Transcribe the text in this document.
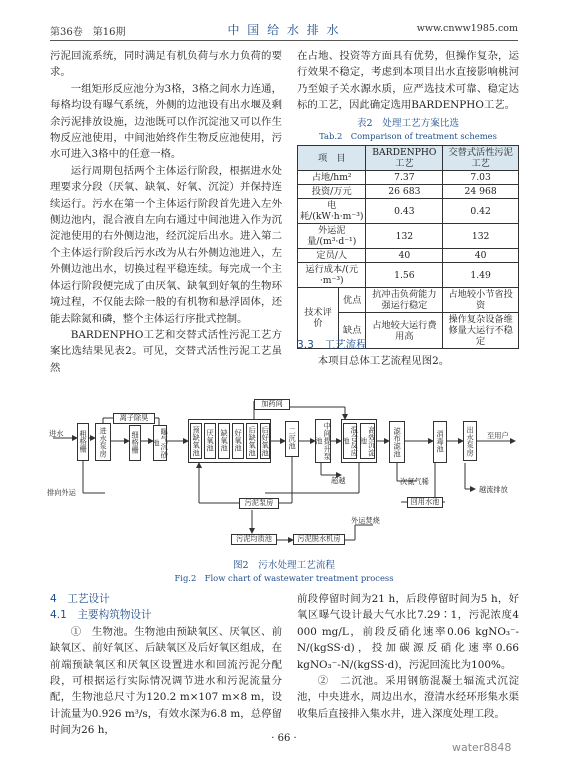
第36卷　第16期	中 国 给 水 排 水	www.cnww1985.com

污泥回流系统，同时满足有机负荷与水力负荷的要求。

一组矩形反应池分为3格，3格之间水力连通，每格均设有曝气系统，外侧的边池设有出水堰及剩余污泥排放设施，边池既可以作沉淀池又可以作生物反应池使用，中间池始终作生物反应池使用，污水可进入3格中的任意一格。

运行周期包括两个主体运行阶段，根据进水处理要求分段（厌氧、缺氧、好氧、沉淀）并保持连续运行。污水在第一个主体运行阶段首先进入左外侧边池内，混合液自左向右通过中间池进入作为沉淀池使用的右外侧边池，经沉淀后出水。进入第二个主体运行阶段后污水改为从右外侧边池进入，左外侧边池出水，切换过程平稳连续。每完成一个主体运行阶段便完成了由厌氧、缺氧到好氧的生物环境过程，不仅能去除一般的有机物和悬浮固体，还能去除氮和磷，整个主体运行序批式控制。

BARDENPHO工艺和交替式活性污泥工艺方案比选结果见表2。可见，交替式活性污泥工艺虽然

在占地、投资等方面具有优势，但操作复杂，运行效果不稳定，考虑到本项目出水直接影响桃河乃至娘子关水源水质，应严选技术可靠、稳定达标的工艺，因此确定选用BARDENPHO工艺。

表2　处理工艺方案比选
Tab.2　Comparison of treatment schemes
项　目		BARDENPHO工艺	交替式活性污泥工艺
占地/hm²		7.37	7.03
投资/万元		26 683	24 968
电耗/(kW·h·m⁻³)		0.43	0.42
外运泥量/(m³·d⁻¹)		132	132
定员/人		40	40
运行成本/(元·m⁻³)		1.56	1.49
技术评价	优点	抗冲击负荷能力强运行稳定	占地较小节省投资
	缺点	占地较大运行费用高	操作复杂设备维修量大运行不稳定

3.3　工艺流程

本项目总体工艺流程见图2。

离子除臭
加药间
粗格栅	进水泵房	细格栅	曝气沉砂池	预缺氧池 厌氧池 缺氧池 好氧池 后缺氧池 后好氧池	二沉池	中间提升泵池	混合反应池	高效沉淀池	滤布滤池	消毒池	出水泵房
回用水池
污泥泵房
污泥均质池	污泥脱水机房
进水	至用户
排向外运
超越	次氮气稀
越流排放
外运焚烧
图2　污水处理工艺流程
Fig.2　Flow chart of wastewater treatment process

4　工艺设计

4.1　主要构筑物设计

①　生物池。生物池由预缺氧区、厌氧区、前缺氧区、前好氧区、后缺氧区及后好氧区组成，在前端预缺氧区和厌氧区设置进水和回流污泥分配段，可根据运行实际情况调节进水和污泥流量分配，生物池总尺寸为120.2 m×107 m×8 m，设计流量为0.926 m³/s，有效水深为6.8 m，总停留时间为26 h，

前段停留时间为21 h，后段停留时间为5 h，好氧区曝气设计最大气水比7.29∶1，污泥浓度4 000 mg/L，前段反硝化速率0.06 kgNO₃⁻-N/(kgSS·d)，投加碳源反硝化速率0.66 kgNO₃⁻-N/(kgSS·d)，污泥回流比为100%。

②　二沉池。采用钢筋混凝土辐流式沉淀池，中央进水，周边出水，澄清水经环形集水渠收集后直接排入集水井，进入深度处理工段。

· 66 ·
water8848
